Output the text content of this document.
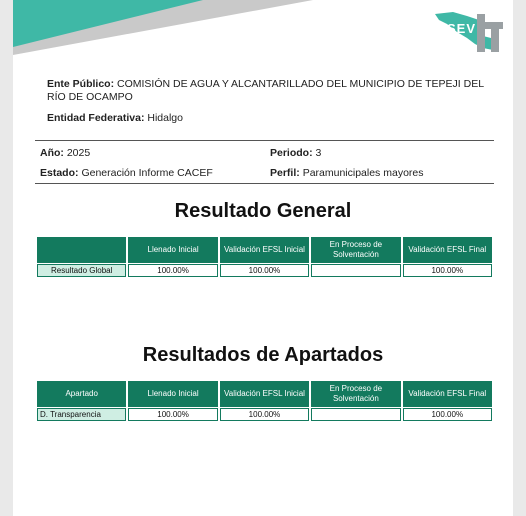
SEV
Ente Público: COMISIÓN DE AGUA Y ALCANTARILLADO DEL MUNICIPIO DE TEPEJI DEL RÍO DE OCAMPO
Entidad Federativa: Hidalgo
Año: 2025	Periodo: 3
Estado: Generación Informe CACEF	Perfil: Paramunicipales mayores
Resultado General
	Llenado Inicial	Validación EFSL Inicial	En Proceso de Solventación	Validación EFSL Final
Resultado Global	100.00%	100.00%		100.00%
Resultados de Apartados
Apartado	Llenado Inicial	Validación EFSL Inicial	En Proceso de Solventación	Validación EFSL Final
D. Transparencia	100.00%	100.00%		100.00%
